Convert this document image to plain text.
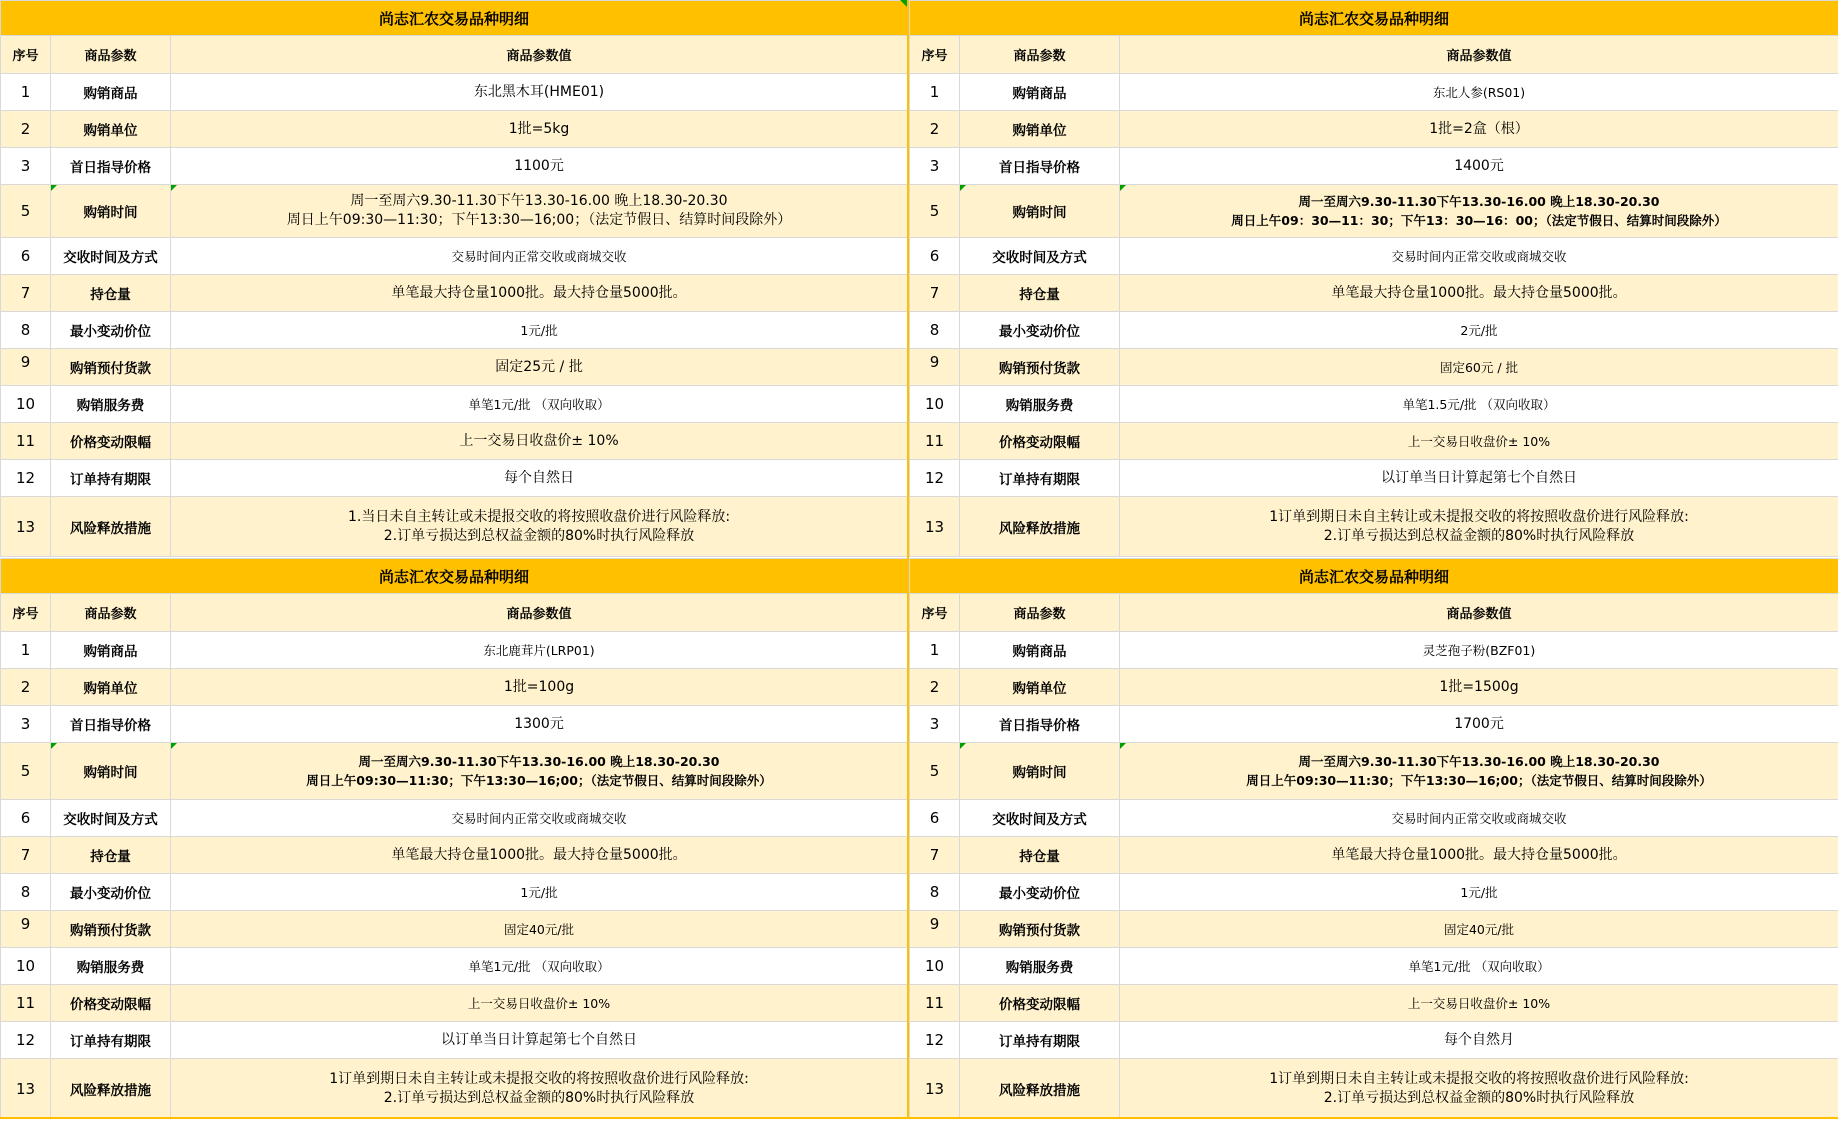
尚志汇农交易品种明细		
序号	商品参数	商品参数值
1	购销商品	东北黑木耳(HME01)

2	购销单位	1批=5kg

3	首日指导价格	1100元

5	购销时间	周一至周六9.30-11.30下午13.30-16.00 晚上18.30-20.30
周日上午09:30—11:30；下午13:30—16;00；（法定节假日、结算时间段除外）

6	交收时间及方式	交易时间内正常交收或商城交收

7	持仓量	单笔最大持仓量1000批。最大持仓量5000批。

8	最小变动价位	1元/批

9	购销预付货款	固定25元 / 批

10	购销服务费	单笔1元/批 （双向收取）

11	价格变动限幅	上一交易日收盘价± 10%

12	订单持有期限	每个自然日

13	风险释放措施	1.当日未自主转让或未提报交收的将按照收盘价进行风险释放:
2.订单亏损达到总权益金额的80%时执行风险释放
尚志汇农交易品种明细		
序号	商品参数	商品参数值
1	购销商品	东北人参(RS01)

2	购销单位	1批=2盒（根）

3	首日指导价格	1400元

5	购销时间	周一至周六9.30-11.30下午13.30-16.00 晚上18.30-20.30
周日上午09：30—11：30；下午13：30—16：00；（法定节假日、结算时间段除外）

6	交收时间及方式	交易时间内正常交收或商城交收

7	持仓量	单笔最大持仓量1000批。最大持仓量5000批。

8	最小变动价位	2元/批

9	购销预付货款	固定60元 / 批

10	购销服务费	单笔1.5元/批 （双向收取）

11	价格变动限幅	上一交易日收盘价± 10%

12	订单持有期限	以订单当日计算起第七个自然日

13	风险释放措施	1订单到期日未自主转让或未提报交收的将按照收盘价进行风险释放:
2.订单亏损达到总权益金额的80%时执行风险释放
尚志汇农交易品种明细		
序号	商品参数	商品参数值
1	购销商品	东北鹿茸片(LRP01)

2	购销单位	1批=100g

3	首日指导价格	1300元

5	购销时间	周一至周六9.30-11.30下午13.30-16.00 晚上18.30-20.30
周日上午09:30—11:30；下午13:30—16;00；（法定节假日、结算时间段除外）

6	交收时间及方式	交易时间内正常交收或商城交收

7	持仓量	单笔最大持仓量1000批。最大持仓量5000批。

8	最小变动价位	1元/批

9	购销预付货款	固定40元/批

10	购销服务费	单笔1元/批 （双向收取）

11	价格变动限幅	上一交易日收盘价± 10%

12	订单持有期限	以订单当日计算起第七个自然日

13	风险释放措施	1订单到期日未自主转让或未提报交收的将按照收盘价进行风险释放:
2.订单亏损达到总权益金额的80%时执行风险释放
尚志汇农交易品种明细		
序号	商品参数	商品参数值
1	购销商品	灵芝孢子粉(BZF01)

2	购销单位	1批=1500g

3	首日指导价格	1700元

5	购销时间	周一至周六9.30-11.30下午13.30-16.00 晚上18.30-20.30
周日上午09:30—11:30；下午13:30—16;00；（法定节假日、结算时间段除外）

6	交收时间及方式	交易时间内正常交收或商城交收

7	持仓量	单笔最大持仓量1000批。最大持仓量5000批。

8	最小变动价位	1元/批

9	购销预付货款	固定40元/批

10	购销服务费	单笔1元/批 （双向收取）

11	价格变动限幅	上一交易日收盘价± 10%

12	订单持有期限	每个自然月

13	风险释放措施	1订单到期日未自主转让或未提报交收的将按照收盘价进行风险释放:
2.订单亏损达到总权益金额的80%时执行风险释放
